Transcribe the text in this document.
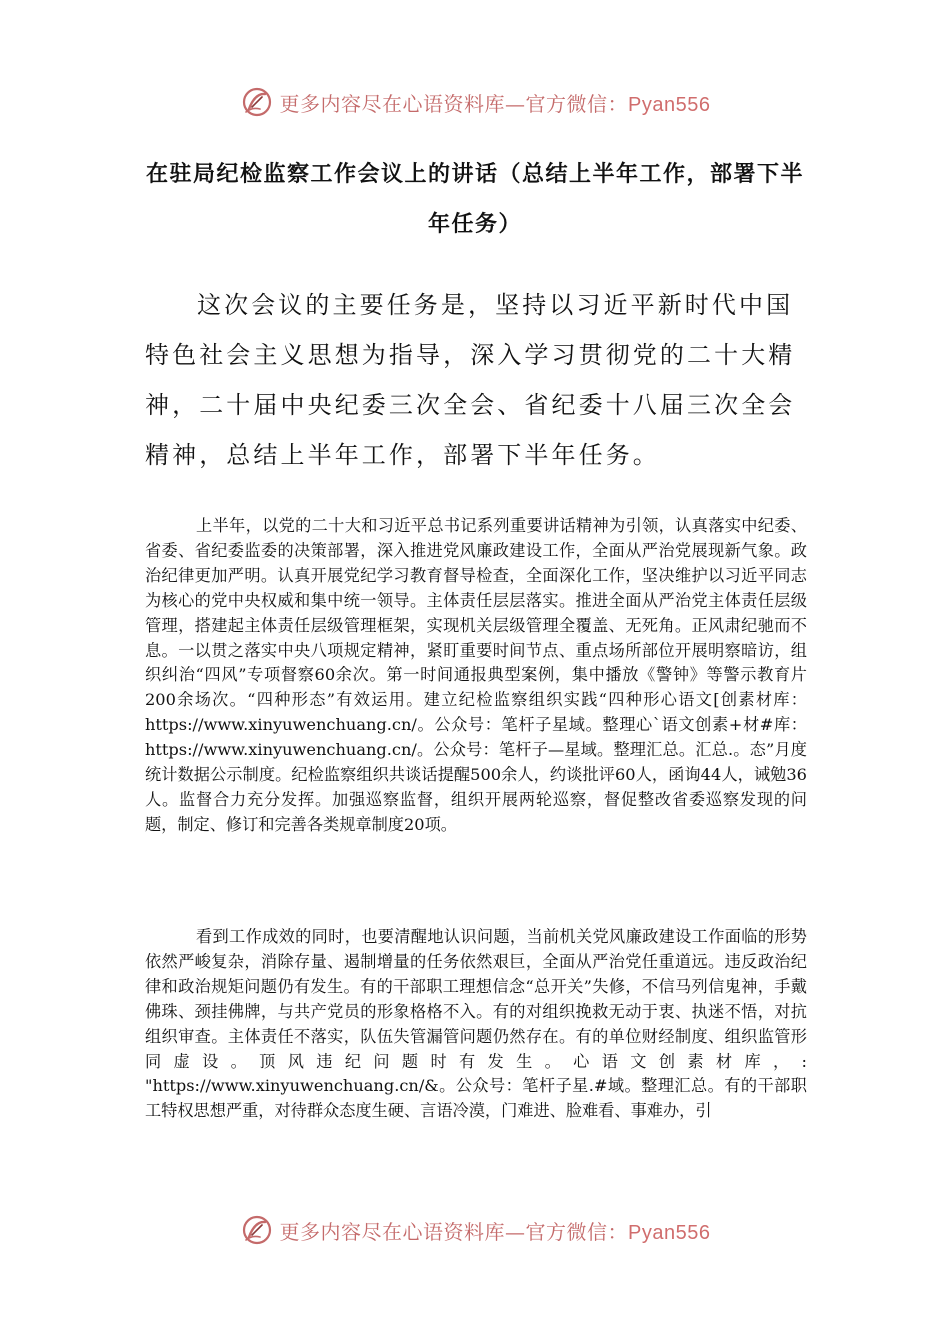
更多内容尽在心语资料库—官方微信：Pyan556
在驻局纪检监察工作会议上的讲话（总结上半年工作，部署下半年任务）
这次会议的主要任务是，坚持以习近平新时代中国特色社会主义思想为指导，深入学习贯彻党的二十大精神，二十届中央纪委三次全会、省纪委十八届三次全会精神，总结上半年工作，部署下半年任务。
上半年，以党的二十大和习近平总书记系列重要讲话精神为引领，认真落实中纪委、省委、省纪委监委的决策部署，深入推进党风廉政建设工作，全面从严治党展现新气象。政治纪律更加严明。认真开展党纪学习教育督导检查，全面深化工作，坚决维护以习近平同志为核心的党中央权威和集中统一领导。主体责任层层落实。推进全面从严治党主体责任层级管理，搭建起主体责任层级管理框架，实现机关层级管理全覆盖、无死角。正风肃纪驰而不息。一以贯之落实中央八项规定精神，紧盯重要时间节点、重点场所部位开展明察暗访，组织纠治“四风”专项督察60余次。第一时间通报典型案例，集中播放《警钟》等警示教育片200余场次。“四种形态”有效运用。建立纪检监察组织实践“四种形心语文[创素材库：https://www.xinyuwenchuang.cn/。公众号：笔杆子星域。整理心`语文创素+材#库：https://www.xinyuwenchuang.cn/。公众号：笔杆子—星域。整理汇总。汇总.。态”月度统计数据公示制度。纪检监察组织共谈话提醒500余人，约谈批评60人，函询44人，诫勉36人。监督合力充分发挥。加强巡察监督，组织开展两轮巡察，督促整改省委巡察发现的问题，制定、修订和完善各类规章制度20项。
看到工作成效的同时，也要清醒地认识问题，当前机关党风廉政建设工作面临的形势依然严峻复杂，消除存量、遏制增量的任务依然艰巨，全面从严治党任重道远。违反政治纪律和政治规矩问题仍有发生。有的干部职工理想信念“总开关”失修，不信马列信鬼神，手戴佛珠、颈挂佛牌，与共产党员的形象格格不入。有的对组织挽救无动于衷、执迷不悟，对抗组织审查。主体责任不落实，队伍失管漏管问题仍然存在。有的单位财经制度、组织监管形同虚设。顶风违纪问题时有发生。心语文创素材库，: "https://www.xinyuwenchuang.cn/&。公众号：笔杆子星.#域。整理汇总。有的干部职工特权思想严重，对待群众态度生硬、言语冷漠，门难进、脸难看、事难办，引
更多内容尽在心语资料库—官方微信：Pyan556
